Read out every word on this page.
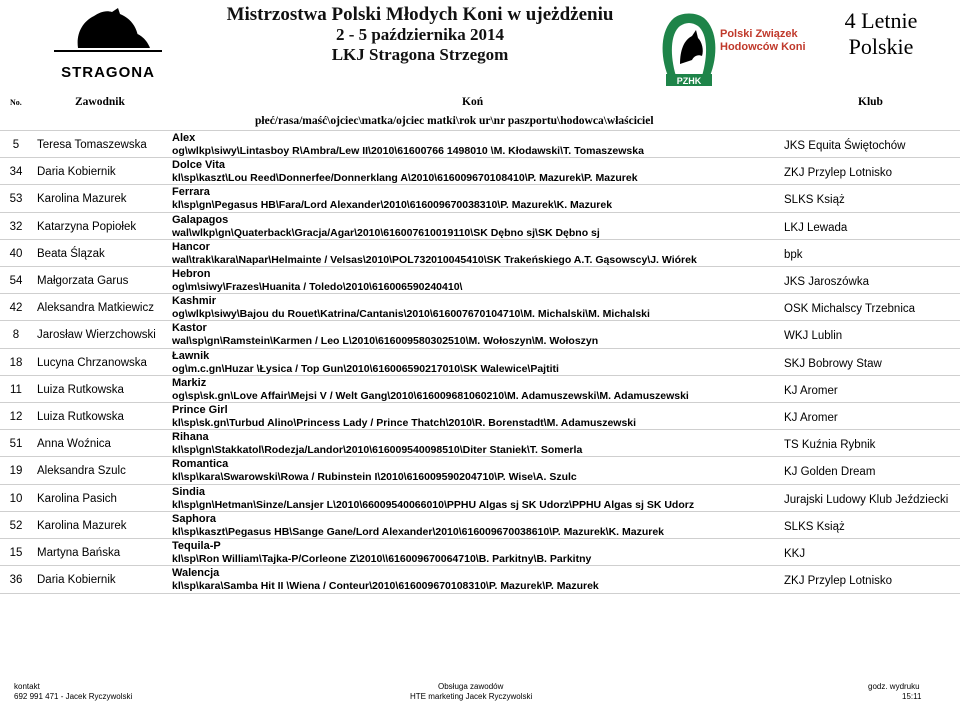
STRAGONA
Mistrzostwa Polski Młodych Koni w ujeżdżeniu
2 - 5 października 2014
LKJ Stragona Strzegom
PZHK
Polski Związek
Hodowców Koni
4 Letnie
Polskie
No.	Zawodnik	Koń	Klub
płeć/rasa/maść\ojciec\matka/ojciec matki\rok ur\nr paszportu\hodowca\właściciel
5	Teresa Tomaszewska
Alex
og\wlkp\siwy\Lintasboy R\Ambra/Lew II\2010\61600766 1498010 \M. Kłodawski\T. Tomaszewska	JKS Equita Świętochów
34 Daria Kobiernik
Dolce Vita
kl\sp\kaszt\Lou Reed\Donnerfee/Donnerklang A\2010\616009670108410\P. Mazurek\P. Mazurek	ZKJ Przylep Lotnisko
53 Karolina Mazurek
Ferrara
kl\sp\gn\Pegasus HB\Fara/Lord Alexander\2010\616009670038310\P. Mazurek\K. Mazurek	SLKS Książ
32 Katarzyna Popiołek
Galapagos
wal\wlkp\gn\Quaterback\Gracja/Agar\2010\616007610019110\SK Dębno sj\SK Dębno sj	LKJ Lewada
40 Beata Ślązak
Hancor
wal\trak\kara\Napar\Helmainte / Velsas\2010\POL732010045410\SK Trakeńskiego A.T. Gąsowscy\J. Wiórek	bpk
54 Małgorzata Garus
Hebron
og\m\siwy\Frazes\Huanita / Toledo\2010\616006590240410\	JKS Jaroszówka
42 Aleksandra Matkiewicz
Kashmir
og\wlkp\siwy\Bajou du Rouet\Katrina/Cantanis\2010\616007670104710\M. Michalski\M. Michalski	OSK Michalscy Trzebnica
8	Jarosław Wierzchowski
Kastor
wal\sp\gn\Ramstein\Karmen / Leo L\2010\616009580302510\M. Wołoszyn\M. Wołoszyn	WKJ Lublin
18 Lucyna Chrzanowska
Ławnik
og\m.c.gn\Huzar \Łysica / Top Gun\2010\616006590217010\SK Walewice\Pajtiti	SKJ Bobrowy Staw
11 Luiza Rutkowska
Markiz
og\sp\sk.gn\Love Affair\Mejsi V / Welt Gang\2010\616009681060210\M. Adamuszewski\M. Adamuszewski	KJ Aromer
12 Luiza Rutkowska
Prince Girl
kl\sp\sk.gn\Turbud Alino\Princess Lady / Prince Thatch\2010\R. Borenstadt\M. Adamuszewski	KJ Aromer
51 Anna Woźnica
Rihana
kl\sp\gn\Stakkatol\Rodezja/Landor\2010\616009540098510\Diter Staniek\T. Somerla	TS Kuźnia Rybnik
19 Aleksandra Szulc
Romantica
kl\sp\kara\Swarowski\Rowa / Rubinstein I\2010\616009590204710\P. Wise\A. Szulc	KJ Golden Dream
10 Karolina Pasich
Sindia
kl\sp\gn\Hetman\Sinze/Lansjer L\2010\66009540066010\PPHU Algas sj SK Udorz\PPHU Algas sj SK Udorz	Jurajski Ludowy Klub Jeździecki
52 Karolina Mazurek
Saphora
kl\sp\kaszt\Pegasus HB\Sange Gane/Lord Alexander\2010\616009670038610\P. Mazurek\K. Mazurek	SLKS Książ
15 Martyna Bańska
Tequila-P
kl\sp\Ron William\Tajka-P/Corleone Z\2010\\616009670064710\B. Parkitny\B. Parkitny	KKJ
36 Daria Kobiernik
Walencja
kl\sp\kara\Samba Hit II \Wiena / Conteur\2010\616009670108310\P. Mazurek\P. Mazurek	ZKJ Przylep Lotnisko
kontakt
692 991 471 - Jacek Ryczywolski
Obsługa zawodów
HTE marketing Jacek Ryczywolski
godz. wydruku
15:11
